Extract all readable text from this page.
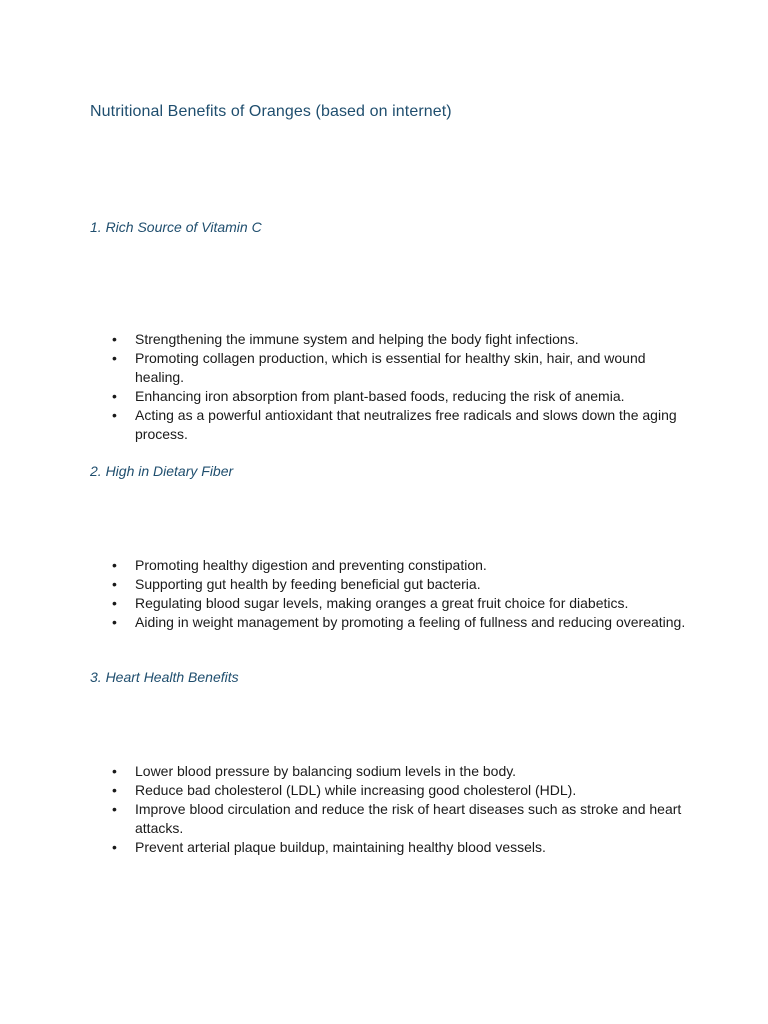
Nutritional Benefits of Oranges (based on internet)
1. Rich Source of Vitamin C
• Strengthening the immune system and helping the body fight infections.
• Promoting collagen production, which is essential for healthy skin, hair, and wound healing.
• Enhancing iron absorption from plant-based foods, reducing the risk of anemia.
• Acting as a powerful antioxidant that neutralizes free radicals and slows down the aging process.
2. High in Dietary Fiber
• Promoting healthy digestion and preventing constipation.
• Supporting gut health by feeding beneficial gut bacteria.
• Regulating blood sugar levels, making oranges a great fruit choice for diabetics.
• Aiding in weight management by promoting a feeling of fullness and reducing overeating.
3. Heart Health Benefits
• Lower blood pressure by balancing sodium levels in the body.
• Reduce bad cholesterol (LDL) while increasing good cholesterol (HDL).
• Improve blood circulation and reduce the risk of heart diseases such as stroke and heart attacks.
• Prevent arterial plaque buildup, maintaining healthy blood vessels.
